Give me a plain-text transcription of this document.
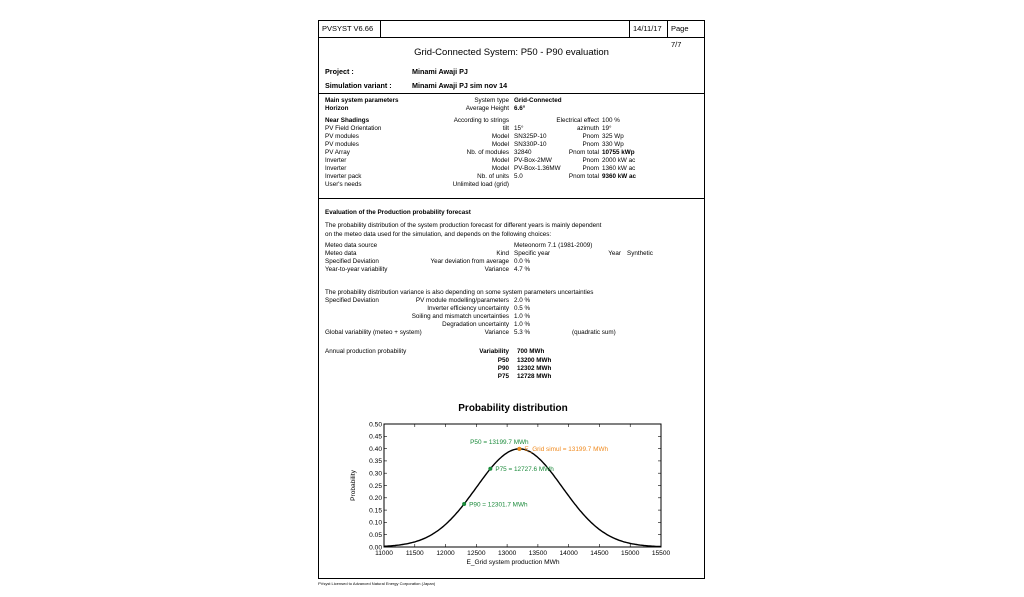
PVSYST V6.66	14/11/17	Page 7/7
Grid-Connected System: P50 - P90 evaluation
Project :	Minami Awaji PJ
Simulation variant :	Minami Awaji PJ sim nov 14
Evaluation of the Production probability forecast
The probability distribution of the system production forecast for different years is mainly dependent
on the meteo data used for the simulation, and depends on the following choices:
The probability distribution variance is also depending on some system parameters uncertainties
Annual production probability
Probability distribution
11000 11500 12000 12500 13000 13500 14000 14500 15000 15500
0.00
0.05
0.10
0.15
0.20
0.25
0.30
0.35
0.40
0.45
0.50
E_Grid system production MWh
Probability
P50 = 13199.7 MWh
E_Grid simul = 13199.7 MWh
P75 = 12727.6 MWh
P90 = 12301.7 MWh
Main system parameters	System type Grid-Connected
Horizon	Average Height 6.6°
Near Shadings	According to strings	Electrical effect 100 %
PV Field Orientation	tilt 15°	azimuth 19°
PV modules	Model SN325P-10	Pnom 325 Wp
PV modules	Model SN330P-10	Pnom 330 Wp
PV Array	Nb. of modules 32840	Pnom total 10755 kWp
Inverter	Model PV-Box-2MW	Pnom 2000 kW ac
Inverter	Model PV-Box-1.36MW	Pnom 1360 kW ac
Inverter pack	Nb. of units 5.0	Pnom total 9360 kW ac
User's needs	Unlimited load (grid)
Meteo data source	Meteonorm 7.1 (1981-2009)
Meteo data	Kind Specific year	Year Synthetic
Specified Deviation	Year deviation from average 0.0 %
Year-to-year variability	Variance 4.7 %
Specified Deviation	PV module modelling/parameters 2.0 %
Inverter efficiency uncertainty 0.5 %
Soiling and mismatch uncertainties 1.0 %
Degradation uncertainty 1.0 %
Global variability (meteo + system)	Variance 5.3 %	(quadratic sum)
Variability 700 MWh
P50 13200 MWh
P90 12302 MWh
P75 12728 MWh
PVsyst Licensed to Advanced Natural Energy Corporation (Japan)
